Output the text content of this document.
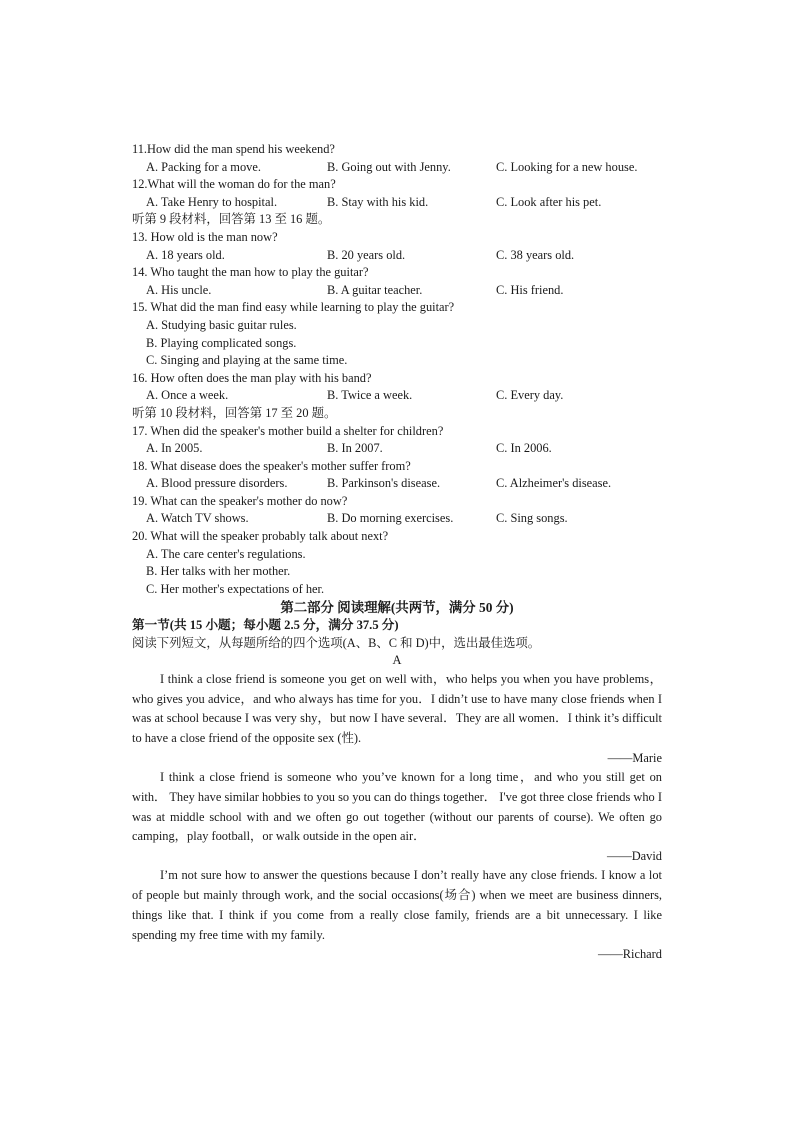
11.How did the man spend his weekend?
A. Packing for a move.	B. Going out with Jenny.	C. Looking for a new house.
12.What will the woman do for the man?
A. Take Henry to hospital.	B. Stay with his kid.	C. Look after his pet.
听第 9 段材料，回答第 13 至 16 题。
13. How old is the man now?
A. 18 years old.	B. 20 years old.	C. 38 years old.
14. Who taught the man how to play the guitar?
A. His uncle.	B. A guitar teacher.	C. His friend.
15. What did the man find easy while learning to play the guitar?
A. Studying basic guitar rules.
B. Playing complicated songs.
C. Singing and playing at the same time.
16. How often does the man play with his band?
A. Once a week.	B. Twice a week.	C. Every day.
听第 10 段材料，回答第 17 至 20 题。
17. When did the speaker's mother build a shelter for children?
A. In 2005.	B. In 2007.	C. In 2006.
18. What disease does the speaker's mother suffer from?
A. Blood pressure disorders.	B. Parkinson's disease.	C. Alzheimer's disease.
19. What can the speaker's mother do now?
A. Watch TV shows.	B. Do morning exercises.	C. Sing songs.
20. What will the speaker probably talk about next?
A. The care center's regulations.
B. Her talks with her mother.
C. Her mother's expectations of her.
第二部分 阅读理解(共两节，满分 50 分)
第一节(共 15 小题；每小题 2.5 分，满分 37.5 分)
阅读下列短文，从每题所给的四个选项(A、B、C 和 D)中，选出最佳选项。
A
I think a close friend is someone you get on well with，who helps you when you have problems， who gives you advice，and who always has time for you．I didn’t use to have many close friends when I was at school because I was very shy，but now I have several．They are all women．I think it’s difficult to have a close friend of the opposite sex (性).
——Marie
I think a close friend is someone who you’ve known for a long time，and who you still get on with． They have similar hobbies to you so you can do things together． I've got three close friends who I was at middle school with and we often go out together (without our parents of course). We often go camping，play football，or walk outside in the open air．
——David
I’m not sure how to answer the questions because I don’t really have any close friends. I know a lot of people but mainly through work, and the social occasions(场合) when we meet are business dinners, things like that. I think if you come from a really close family, friends are a bit unnecessary. I like spending my free time with my family.
——Richard
